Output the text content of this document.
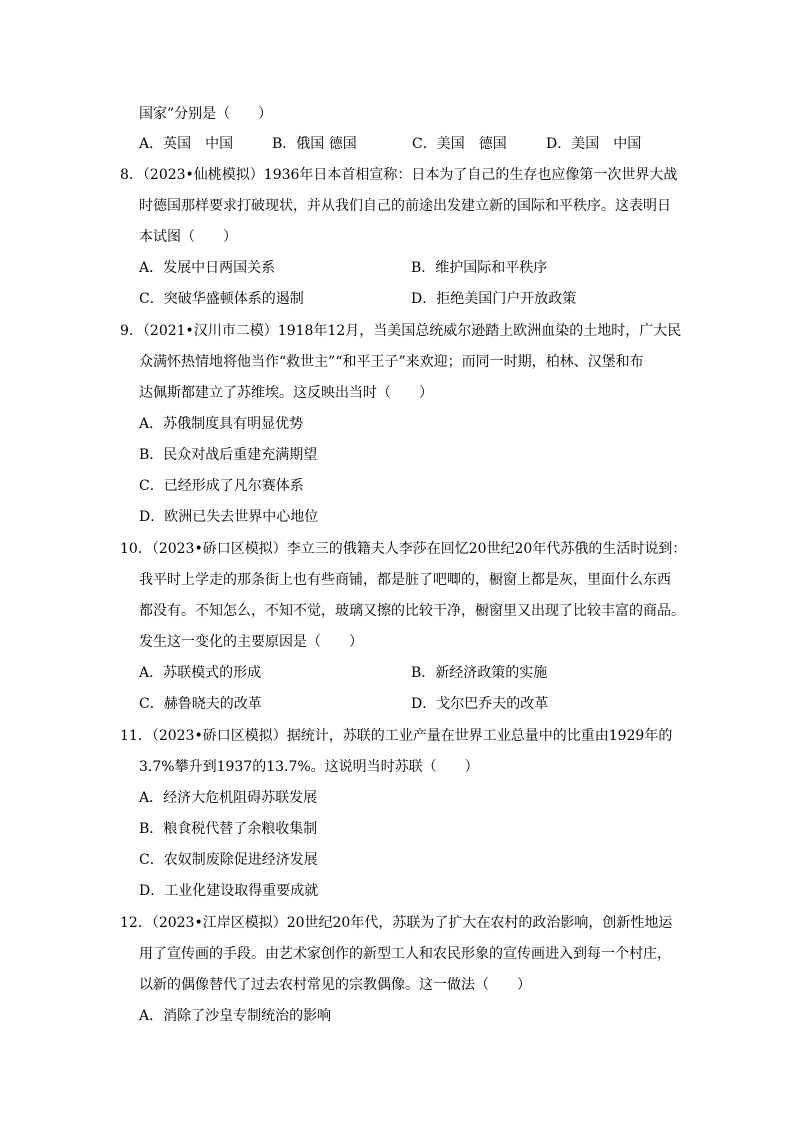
国家”分别是（　　）
A．英国　中国	B．俄国 德国	C．美国　德国	D．美国　中国
8．（2023•仙桃模拟）1936年日本首相宣称：日本为了自己的生存也应像第一次世界大战
时德国那样要求打破现状，并从我们自己的前途出发建立新的国际和平秩序。这表明日
本试图（　　）
A．发展中日两国关系	B．维护国际和平秩序
C．突破华盛顿体系的遏制	D．拒绝美国门户开放政策
9．（2021•汉川市二模）1918年12月，当美国总统威尔逊踏上欧洲血染的土地时，广大民
众满怀热情地将他当作“救世主”“和平王子”来欢迎；而同一时期，柏林、汉堡和布
达佩斯都建立了苏维埃。这反映出当时（　　）
A．苏俄制度具有明显优势
B．民众对战后重建充满期望
C．已经形成了凡尔赛体系
D．欧洲已失去世界中心地位
10．（2023•硚口区模拟）李立三的俄籍夫人李莎在回忆20世纪20年代苏俄的生活时说到：
我平时上学走的那条街上也有些商铺，都是脏了吧唧的，橱窗上都是灰，里面什么东西
都没有。不知怎么，不知不觉，玻璃又擦的比较干净，橱窗里又出现了比较丰富的商品。
发生这一变化的主要原因是（　　）
A．苏联模式的形成	B．新经济政策的实施
C．赫鲁晓夫的改革	D．戈尔巴乔夫的改革
11．（2023•硚口区模拟）据统计，苏联的工业产量在世界工业总量中的比重由1929年的
3.7%攀升到1937的13.7%。这说明当时苏联（　　）
A．经济大危机阻碍苏联发展
B．粮食税代替了余粮收集制
C．农奴制废除促进经济发展
D．工业化建设取得重要成就
12．（2023•江岸区模拟）20世纪20年代，苏联为了扩大在农村的政治影响，创新性地运
用了宣传画的手段。由艺术家创作的新型工人和农民形象的宣传画进入到每一个村庄，
以新的偶像替代了过去农村常见的宗教偶像。这一做法（　　）
A．消除了沙皇专制统治的影响
